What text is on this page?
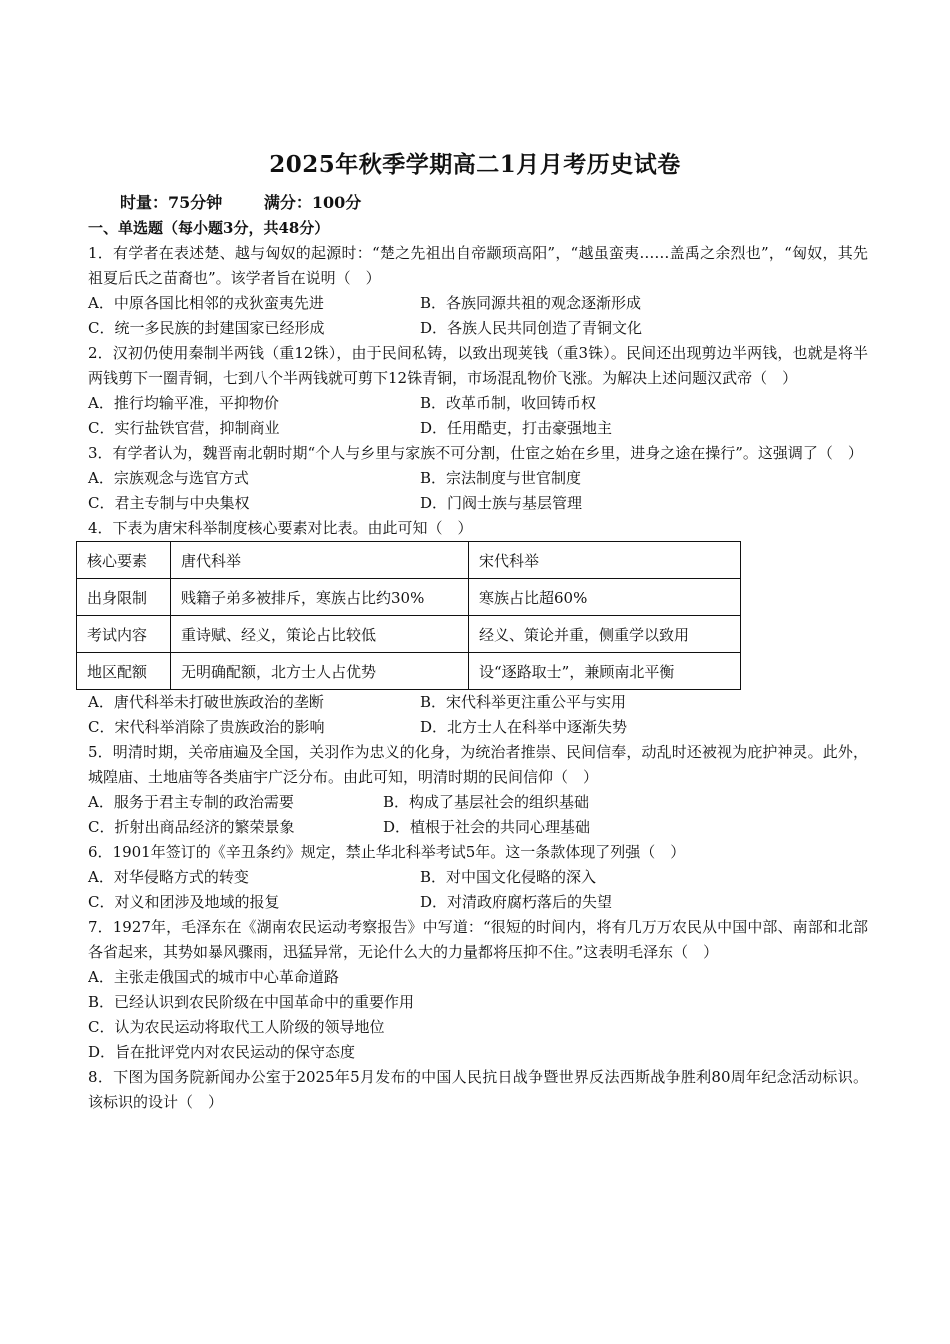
2025年秋季学期高二1月月考历史试卷
时量：75分钟	满分：100分
一、单选题（每小题3分，共48分）
1．有学者在表述楚、越与匈奴的起源时：“楚之先祖出自帝颛顼高阳”，“越虽蛮夷……盖禹之余烈也”，“匈奴，其先祖夏后氏之苗裔也”。该学者旨在说明（　）
A．中原各国比相邻的戎狄蛮夷先进	B．各族同源共祖的观念逐渐形成
C．统一多民族的封建国家已经形成	D．各族人民共同创造了青铜文化
2．汉初仍使用秦制半两钱（重12铢），由于民间私铸，以致出现荚钱（重3铢）。民间还出现剪边半两钱，也就是将半两钱剪下一圈青铜，七到八个半两钱就可剪下12铢青铜，市场混乱物价飞涨。为解决上述问题汉武帝（　）
A．推行均输平准，平抑物价	B．改革币制，收回铸币权
C．实行盐铁官营，抑制商业	D．任用酷吏，打击豪强地主
3．有学者认为，魏晋南北朝时期“个人与乡里与家族不可分割，仕宦之始在乡里，进身之途在操行”。这强调了（　）
A．宗族观念与选官方式	B．宗法制度与世官制度
C．君主专制与中央集权	D．门阀士族与基层管理
4．下表为唐宋科举制度核心要素对比表。由此可知（　）
核心要素	唐代科举	宋代科举
出身限制	贱籍子弟多被排斥，寒族占比约30%	寒族占比超60%
考试内容	重诗赋、经义，策论占比较低	经义、策论并重，侧重学以致用
地区配额	无明确配额，北方士人占优势	设“逐路取士”，兼顾南北平衡
A．唐代科举未打破世族政治的垄断	B．宋代科举更注重公平与实用
C．宋代科举消除了贵族政治的影响	D．北方士人在科举中逐渐失势
5．明清时期，关帝庙遍及全国，关羽作为忠义的化身，为统治者推崇、民间信奉，动乱时还被视为庇护神灵。此外，城隍庙、土地庙等各类庙宇广泛分布。由此可知，明清时期的民间信仰（　）
A．服务于君主专制的政治需要	B．构成了基层社会的组织基础
C．折射出商品经济的繁荣景象	D．植根于社会的共同心理基础
6．1901年签订的《辛丑条约》规定，禁止华北科举考试5年。这一条款体现了列强（　）
A．对华侵略方式的转变	B．对中国文化侵略的深入
C．对义和团涉及地域的报复	D．对清政府腐朽落后的失望
7．1927年，毛泽东在《湖南农民运动考察报告》中写道：“很短的时间内，将有几万万农民从中国中部、南部和北部各省起来，其势如暴风骤雨，迅猛异常，无论什么大的力量都将压抑不住。”这表明毛泽东（　）
A．主张走俄国式的城市中心革命道路
B．已经认识到农民阶级在中国革命中的重要作用
C．认为农民运动将取代工人阶级的领导地位
D．旨在批评党内对农民运动的保守态度
8．下图为国务院新闻办公室于2025年5月发布的中国人民抗日战争暨世界反法西斯战争胜利80周年纪念活动标识。该标识的设计（　）
